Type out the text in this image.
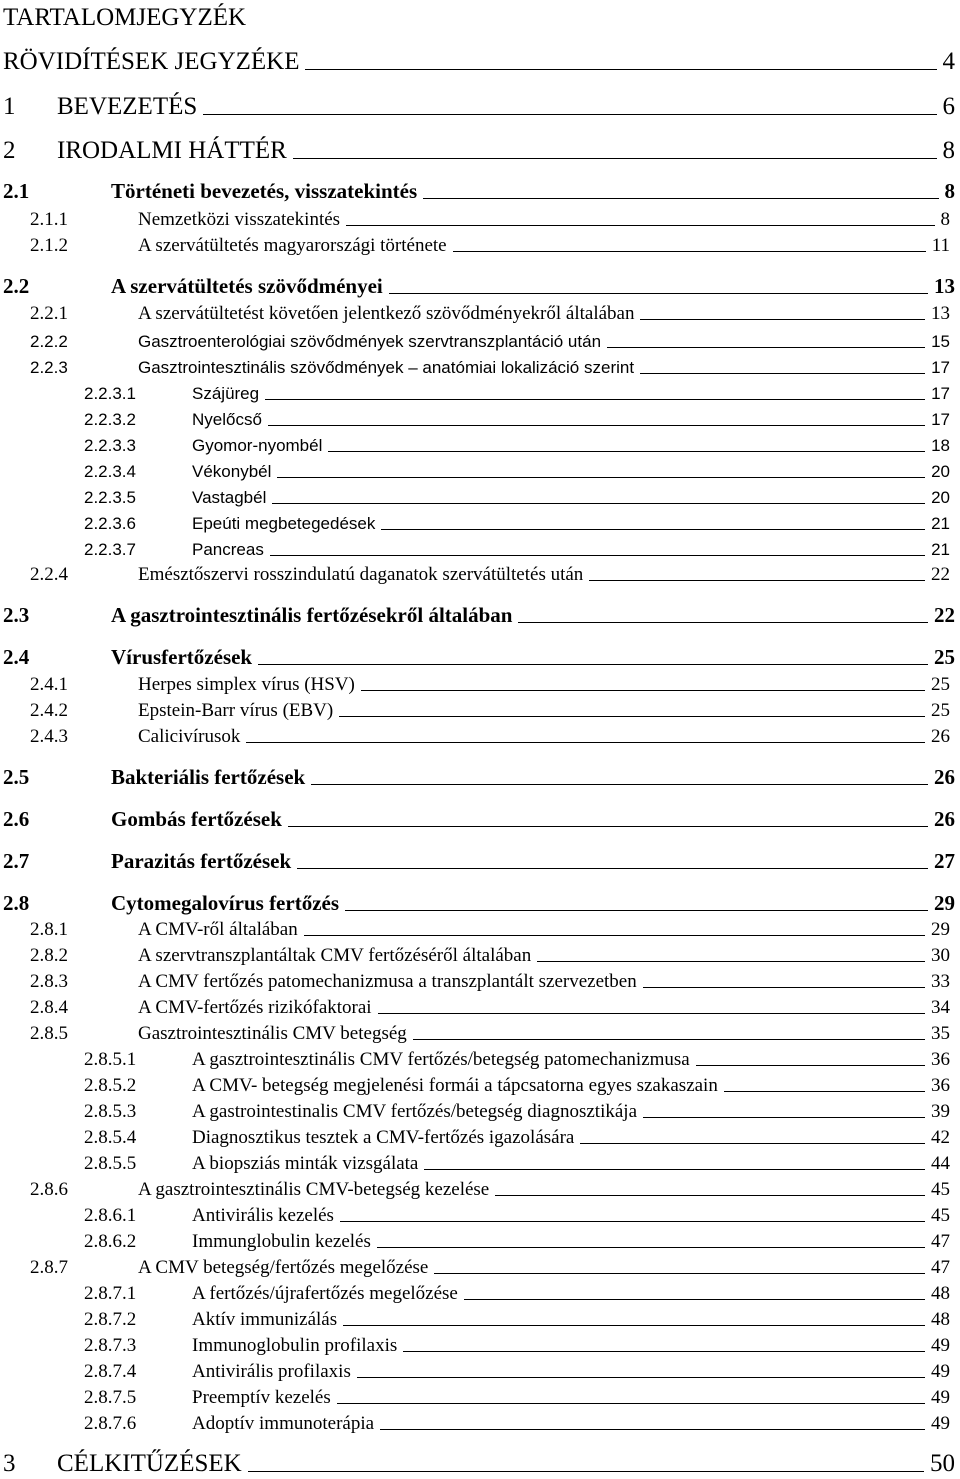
TARTALOMJEGYZÉK
RÖVIDÍTÉSEK JEGYZÉKE	4
1	BEVEZETÉS	6
2	IRODALMI HÁTTÉR	8
2.1	Történeti bevezetés, visszatekintés	8
2.1.1	Nemzetközi visszatekintés	8
2.1.2	A szervátültetés magyarországi története	11
2.2	A szervátültetés szövődményei	13
2.2.1	A szervátültetést követően jelentkező szövődményekről általában	13
2.2.2	Gasztroenterológiai szövődmények szervtranszplantáció után	15
2.2.3	Gasztrointesztinális szövődmények – anatómiai lokalizáció szerint	17
2.2.3.1	Szájüreg	17
2.2.3.2	Nyelőcső	17
2.2.3.3	Gyomor-nyombél	18
2.2.3.4	Vékonybél	20
2.2.3.5	Vastagbél	20
2.2.3.6	Epeúti megbetegedések	21
2.2.3.7	Pancreas	21
2.2.4	Emésztőszervi rosszindulatú daganatok szervátültetés után	22
2.3	A gasztrointesztinális fertőzésekről általában	22
2.4	Vírusfertőzések	25
2.4.1	Herpes simplex vírus (HSV)	25
2.4.2	Epstein-Barr vírus (EBV)	25
2.4.3	Calicivírusok	26
2.5	Bakteriális fertőzések	26
2.6	Gombás fertőzések	26
2.7	Parazitás fertőzések	27
2.8	Cytomegalovírus fertőzés	29
2.8.1	A CMV-ről általában	29
2.8.2	A szervtranszplantáltak CMV fertőzéséről általában	30
2.8.3	A CMV fertőzés patomechanizmusa a transzplantált szervezetben	33
2.8.4	A CMV-fertőzés rizikófaktorai	34
2.8.5	Gasztrointesztinális CMV betegség	35
2.8.5.1	A gasztrointesztinális CMV fertőzés/betegség patomechanizmusa	36
2.8.5.2	A CMV- betegség megjelenési formái a tápcsatorna egyes szakaszain	36
2.8.5.3	A gastrointestinalis CMV fertőzés/betegség diagnosztikája	39
2.8.5.4	Diagnosztikus tesztek a CMV-fertőzés igazolására	42
2.8.5.5	A biopsziás minták vizsgálata	44
2.8.6	A gasztrointesztinális CMV-betegség kezelése	45
2.8.6.1	Antivirális kezelés	45
2.8.6.2	Immunglobulin kezelés	47
2.8.7	A CMV betegség/fertőzés megelőzése	47
2.8.7.1	A fertőzés/újrafertőzés megelőzése	48
2.8.7.2	Aktív immunizálás	48
2.8.7.3	Immunoglobulin profilaxis	49
2.8.7.4	Antivirális profilaxis	49
2.8.7.5	Preemptív kezelés	49
2.8.7.6	Adoptív immunoterápia	49
3	CÉLKITŰZÉSEK	50
